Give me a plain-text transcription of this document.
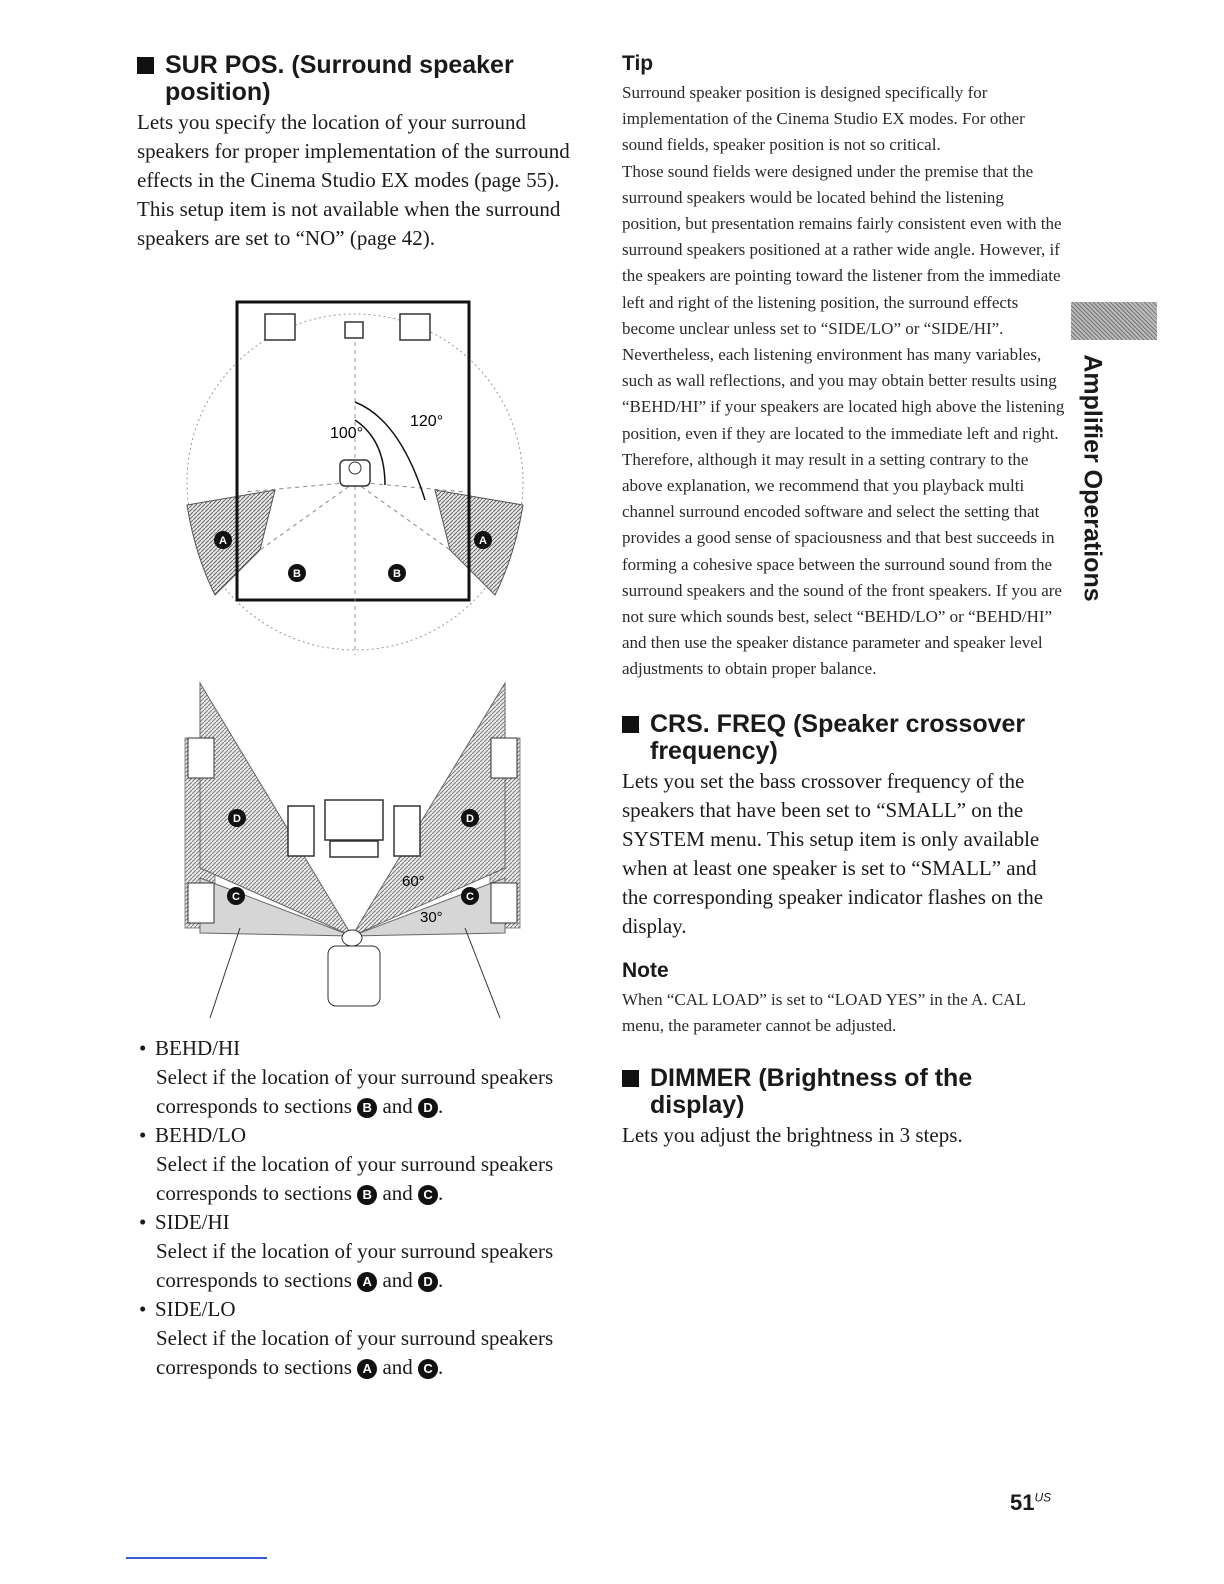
SUR POS. (Surround speaker
position)

Lets you specify the location of your surround speakers for proper implementation of the surround effects in the Cinema Studio EX modes (page 55). This setup item is not available when the surround speakers are set to “NO” (page 42).

100°
120°
A	A
B	B
60°
30°
D	D
C	C
• BEHD/HI
Select if the location of your surround speakers corresponds to sections B and D .
• BEHD/LO
Select if the location of your surround speakers corresponds to sections B and C .
• SIDE/HI
Select if the location of your surround speakers corresponds to sections A and D .
• SIDE/LO
Select if the location of your surround speakers corresponds to sections A and C .
Tip

Surround speaker position is designed specifically for implementation of the Cinema Studio EX modes. For other sound fields, speaker position is not so critical.

Those sound fields were designed under the premise that the surround speakers would be located behind the listening position, but presentation remains fairly consistent even with the surround speakers positioned at a rather wide angle. However, if the speakers are pointing toward the listener from the immediate left and right of the listening position, the surround effects become unclear unless set to “SIDE/LO” or “SIDE/HI”.

Nevertheless, each listening environment has many variables, such as wall reflections, and you may obtain better results using “BEHD/HI” if your speakers are located high above the listening position, even if they are located to the immediate left and right.

Therefore, although it may result in a setting contrary to the above explanation, we recommend that you playback multi channel surround encoded software and select the setting that provides a good sense of spaciousness and that best succeeds in forming a cohesive space between the surround sound from the surround speakers and the sound of the front speakers. If you are not sure which sounds best, select “BEHD/LO” or “BEHD/HI” and then use the speaker distance parameter and speaker level adjustments to obtain proper balance.

CRS. FREQ (Speaker crossover
frequency)

Lets you set the bass crossover frequency of the speakers that have been set to “SMALL” on the SYSTEM menu. This setup item is only available when at least one speaker is set to “SMALL” and the corresponding speaker indicator flashes on the display.

Note

When “CAL LOAD” is set to “LOAD YES” in the A. CAL menu, the parameter cannot be adjusted.

DIMMER (Brightness of the
display)

Lets you adjust the brightness in 3 steps.

Amplifier Operations
$51^{US}$
